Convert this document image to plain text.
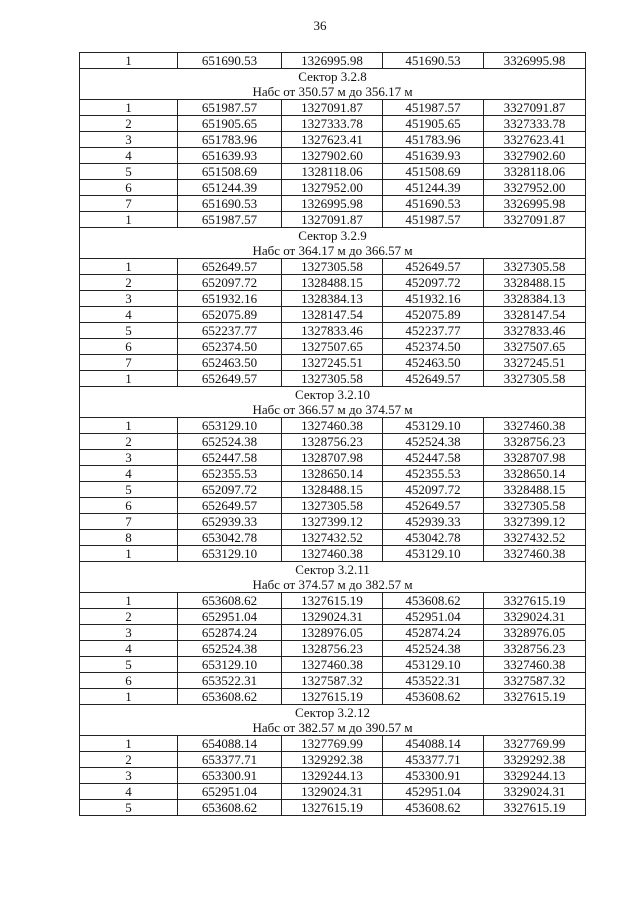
36
1	651690.53	1326995.98	451690.53	3326995.98
Сектор 3.2.8				
Набс от 350.57 м до 356.17 м				
1	651987.57	1327091.87	451987.57	3327091.87
2	651905.65	1327333.78	451905.65	3327333.78
3	651783.96	1327623.41	451783.96	3327623.41
4	651639.93	1327902.60	451639.93	3327902.60
5	651508.69	1328118.06	451508.69	3328118.06
6	651244.39	1327952.00	451244.39	3327952.00
7	651690.53	1326995.98	451690.53	3326995.98
1	651987.57	1327091.87	451987.57	3327091.87
Сектор 3.2.9				
Набс от 364.17 м до 366.57 м				
1	652649.57	1327305.58	452649.57	3327305.58
2	652097.72	1328488.15	452097.72	3328488.15
3	651932.16	1328384.13	451932.16	3328384.13
4	652075.89	1328147.54	452075.89	3328147.54
5	652237.77	1327833.46	452237.77	3327833.46
6	652374.50	1327507.65	452374.50	3327507.65
7	652463.50	1327245.51	452463.50	3327245.51
1	652649.57	1327305.58	452649.57	3327305.58
Сектор 3.2.10				
Набс от 366.57 м до 374.57 м				
1	653129.10	1327460.38	453129.10	3327460.38
2	652524.38	1328756.23	452524.38	3328756.23
3	652447.58	1328707.98	452447.58	3328707.98
4	652355.53	1328650.14	452355.53	3328650.14
5	652097.72	1328488.15	452097.72	3328488.15
6	652649.57	1327305.58	452649.57	3327305.58
7	652939.33	1327399.12	452939.33	3327399.12
8	653042.78	1327432.52	453042.78	3327432.52
1	653129.10	1327460.38	453129.10	3327460.38
Сектор 3.2.11				
Набс от 374.57 м до 382.57 м				
1	653608.62	1327615.19	453608.62	3327615.19
2	652951.04	1329024.31	452951.04	3329024.31
3	652874.24	1328976.05	452874.24	3328976.05
4	652524.38	1328756.23	452524.38	3328756.23
5	653129.10	1327460.38	453129.10	3327460.38
6	653522.31	1327587.32	453522.31	3327587.32
1	653608.62	1327615.19	453608.62	3327615.19
Сектор 3.2.12				
Набс от 382.57 м до 390.57 м				
1	654088.14	1327769.99	454088.14	3327769.99
2	653377.71	1329292.38	453377.71	3329292.38
3	653300.91	1329244.13	453300.91	3329244.13
4	652951.04	1329024.31	452951.04	3329024.31
5	653608.62	1327615.19	453608.62	3327615.19
